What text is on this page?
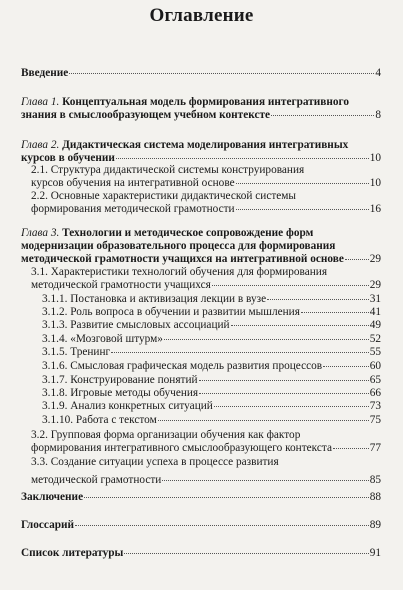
Оглавление
Введение	4
Глава 1. Концептуальная модель формирования интегративного
знания в смыслообразующем учебном контексте	8
Глава 2. Дидактическая система моделирования интегративных
курсов в обучении	10
2.1. Структура дидактической системы конструирования
курсов обучения на интегративной основе	10
2.2. Основные характеристики дидактической системы
формирования методической грамотности	16
Глава 3. Технологии и методическое сопровождение форм
модернизации образовательного процесса для формирования
методической грамотности учащихся на интегративной основе 29
3.1. Характеристики технологий обучения для формирования
методической грамотности учащихся	29
3.1.1. Постановка и активизация лекции в вузе	31
3.1.2. Роль вопроса в обучении и развитии мышления	41
3.1.3. Развитие смысловых ассоциаций	49
3.1.4. «Мозговой штурм»	52
3.1.5. Тренинг	55
3.1.6. Смысловая графическая модель развития процессов	60
3.1.7. Конструирование понятий	65
3.1.8. Игровые методы обучения	66
3.1.9. Анализ конкретных ситуаций	73
3.1.10. Работа с текстом	75
3.2. Групповая форма организации обучения как фактор
формирования интегративного смыслообразующего контекста	77
3.3. Создание ситуации успеха в процессе развития
методической грамотности	85
Заключение	88
Глоссарий	89
Список литературы	91
